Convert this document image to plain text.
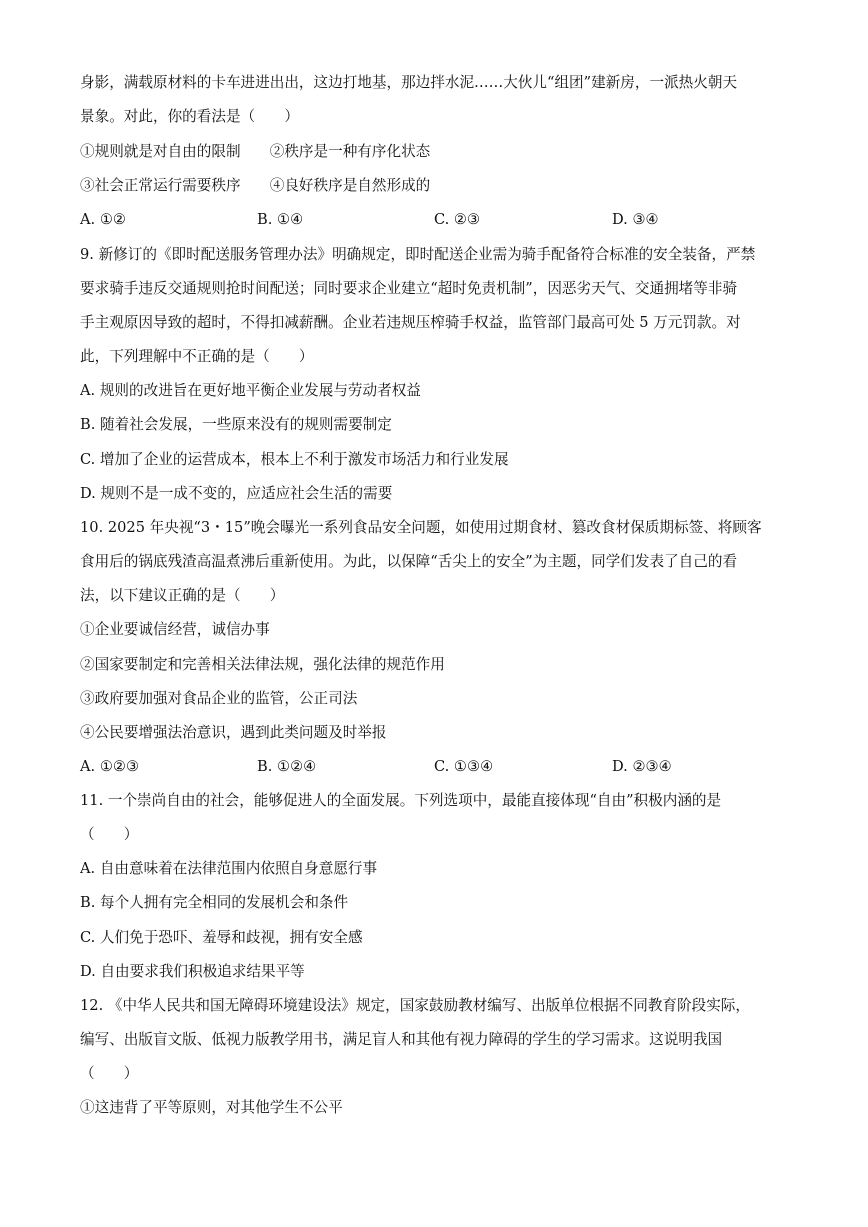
身影，满载原材料的卡车进进出出，这边打地基，那边拌水泥……大伙儿“组团”建新房，一派热火朝天
景象。对此，你的看法是（　　）
①规则就是对自由的限制　　②秩序是一种有序化状态
③社会正常运行需要秩序　　④良好秩序是自然形成的
A. ①②	B. ①④	C. ②③	D. ③④
9. 新修订的《即时配送服务管理办法》明确规定，即时配送企业需为骑手配备符合标准的安全装备，严禁
要求骑手违反交通规则抢时间配送；同时要求企业建立“超时免责机制”，因恶劣天气、交通拥堵等非骑
手主观原因导致的超时，不得扣减薪酬。企业若违规压榨骑手权益，监管部门最高可处 5 万元罚款。对
此，下列理解中不正确的是（　　）
A. 规则的改进旨在更好地平衡企业发展与劳动者权益
B. 随着社会发展，一些原来没有的规则需要制定
C. 增加了企业的运营成本，根本上不利于激发市场活力和行业发展
D. 规则不是一成不变的，应适应社会生活的需要
10. 2025 年央视“3・15”晚会曝光一系列食品安全问题，如使用过期食材、篡改食材保质期标签、将顾客
食用后的锅底残渣高温煮沸后重新使用。为此，以保障“舌尖上的安全”为主题，同学们发表了自己的看
法，以下建议正确的是（　　）
①企业要诚信经营，诚信办事
②国家要制定和完善相关法律法规，强化法律的规范作用
③政府要加强对食品企业的监管，公正司法
④公民要增强法治意识，遇到此类问题及时举报
A. ①②③	B. ①②④	C. ①③④	D. ②③④
11. 一个崇尚自由的社会，能够促进人的全面发展。下列选项中，最能直接体现“自由”积极内涵的是
（　　）
A. 自由意味着在法律范围内依照自身意愿行事
B. 每个人拥有完全相同的发展机会和条件
C. 人们免于恐吓、羞辱和歧视，拥有安全感
D. 自由要求我们积极追求结果平等
12. 《中华人民共和国无障碍环境建设法》规定，国家鼓励教材编写、出版单位根据不同教育阶段实际，
编写、出版盲文版、低视力版教学用书，满足盲人和其他有视力障碍的学生的学习需求。这说明我国
（　　）
①这违背了平等原则，对其他学生不公平
